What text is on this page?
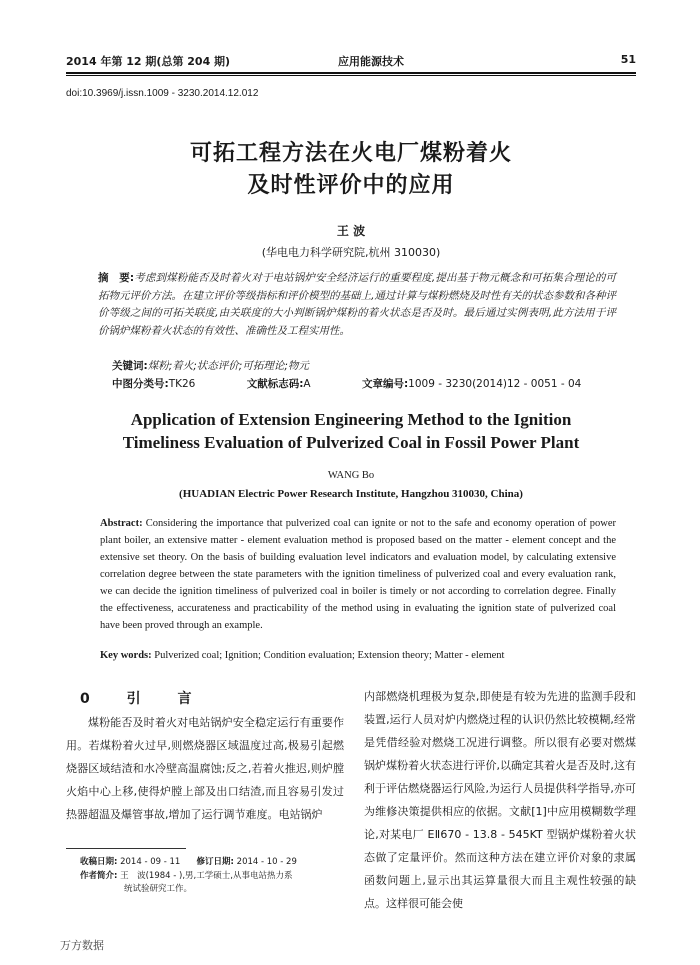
2014 年第 12 期(总第 204 期)	应用能源技术	51
doi:10.3969/j.issn.1009 - 3230.2014.12.012
可拓工程方法在火电厂煤粉着火
及时性评价中的应用
王 波
(华电电力科学研究院,杭州 310030)
摘　要:考虑到煤粉能否及时着火对于电站锅炉安全经济运行的重要程度,提出基于物元概念和可拓集合理论的可拓物元评价方法。在建立评价等级指标和评价模型的基础上,通过计算与煤粉燃烧及时性有关的状态参数和各种评价等级之间的可拓关联度,由关联度的大小判断锅炉煤粉的着火状态是否及时。最后通过实例表明,此方法用于评价锅炉煤粉着火状态的有效性、准确性及工程实用性。
关键词:煤粉;着火;状态评价;可拓理论;物元
中图分类号:TK26	文献标志码:A	文章编号:1009 - 3230(2014)12 - 0051 - 04
Application of Extension Engineering Method to the Ignition
Timeliness Evaluation of Pulverized Coal in Fossil Power Plant
WANG Bo
(HUADIAN Electric Power Research Institute, Hangzhou 310030, China)
Abstract: Considering the importance that pulverized coal can ignite or not to the safe and economy operation of power plant boiler, an extensive matter - element evaluation method is proposed based on the matter - element concept and the extensive set theory. On the basis of building evaluation level indicators and evaluation model, by calculating extensive correlation degree between the state parameters with the ignition timeliness of pulverized coal and every evaluation rank, we can decide the ignition timeliness of pulverized coal in boiler is timely or not according to correlation degree. Finally the effectiveness, accurateness and practicability of the method using in evaluating the ignition state of pulverized coal have been proved through an example.
Key words: Pulverized coal; Ignition; Condition evaluation; Extension theory; Matter - element
0 引 言
煤粉能否及时着火对电站锅炉安全稳定运行有重要作用。若煤粉着火过早,则燃烧器区域温度过高,极易引起燃烧器区域结渣和水冷壁高温腐蚀;反之,若着火推迟,则炉膛火焰中心上移,使得炉膛上部及出口结渣,而且容易引发过热器超温及爆管事故,增加了运行调节难度。电站锅炉
内部燃烧机理极为复杂,即使是有较为先进的监测手段和装置,运行人员对炉内燃烧过程的认识仍然比较模糊,经常是凭借经验对燃烧工况进行调整。所以很有必要对燃煤锅炉煤粉着火状态进行评价,以确定其着火是否及时,这有利于评估燃烧器运行风险,为运行人员提供科学指导,亦可为维修决策提供相应的依据。文献[1]中应用模糊数学理论,对某电厂 EⅡ670 - 13.8 - 545KT 型锅炉煤粉着火状态做了定量评价。然而这种方法在建立评价对象的隶属函数问题上,显示出其运算量很大而且主观性较强的缺点。这样很可能会使
收稿日期: 2014 - 09 - 11 修订日期: 2014 - 10 - 29
作者简介: 王　波(1984 - ),男,工学硕士,从事电站热力系
统试验研究工作。
万方数据
